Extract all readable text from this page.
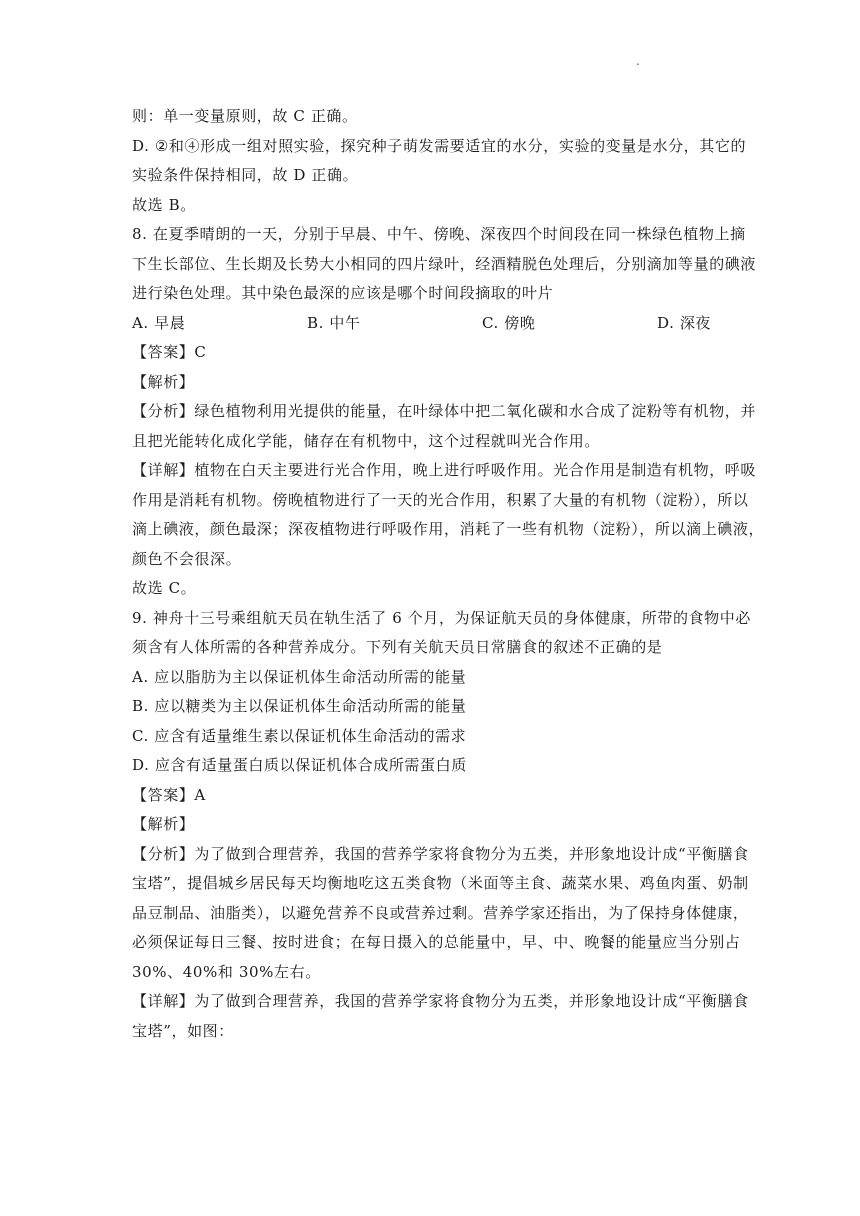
.
则：单一变量原则，故 C 正确。
D. ②和④形成一组对照实验，探究种子萌发需要适宜的水分，实验的变量是水分，其它的
实验条件保持相同，故 D 正确。
故选 B。
8. 在夏季晴朗的一天，分别于早晨、中午、傍晚、深夜四个时间段在同一株绿色植物上摘
下生长部位、生长期及长势大小相同的四片绿叶，经酒精脱色处理后，分别滴加等量的碘液
进行染色处理。其中染色最深的应该是哪个时间段摘取的叶片
A. 早晨	B. 中午	C. 傍晚	D. 深夜
【答案】C
【解析】
【分析】绿色植物利用光提供的能量，在叶绿体中把二氧化碳和水合成了淀粉等有机物，并
且把光能转化成化学能，储存在有机物中，这个过程就叫光合作用。
【详解】植物在白天主要进行光合作用，晚上进行呼吸作用。光合作用是制造有机物，呼吸
作用是消耗有机物。傍晚植物进行了一天的光合作用，积累了大量的有机物（淀粉），所以
滴上碘液，颜色最深；深夜植物进行呼吸作用，消耗了一些有机物（淀粉），所以滴上碘液，
颜色不会很深。
故选 C。
9. 神舟十三号乘组航天员在轨生活了 6 个月，为保证航天员的身体健康，所带的食物中必
须含有人体所需的各种营养成分。下列有关航天员日常膳食的叙述不正确的是
A. 应以脂肪为主以保证机体生命活动所需的能量
B. 应以糖类为主以保证机体生命活动所需的能量
C. 应含有适量维生素以保证机体生命活动的需求
D. 应含有适量蛋白质以保证机体合成所需蛋白质
【答案】A
【解析】
【分析】为了做到合理营养，我国的营养学家将食物分为五类，并形象地设计成“平衡膳食
宝塔”，提倡城乡居民每天均衡地吃这五类食物（米面等主食、蔬菜水果、鸡鱼肉蛋、奶制
品豆制品、油脂类），以避免营养不良或营养过剩。营养学家还指出，为了保持身体健康，
必须保证每日三餐、按时进食；在每日摄入的总能量中，早、中、晚餐的能量应当分别占
30%、40%和 30%左右。
【详解】为了做到合理营养，我国的营养学家将食物分为五类，并形象地设计成“平衡膳食
宝塔”，如图：
